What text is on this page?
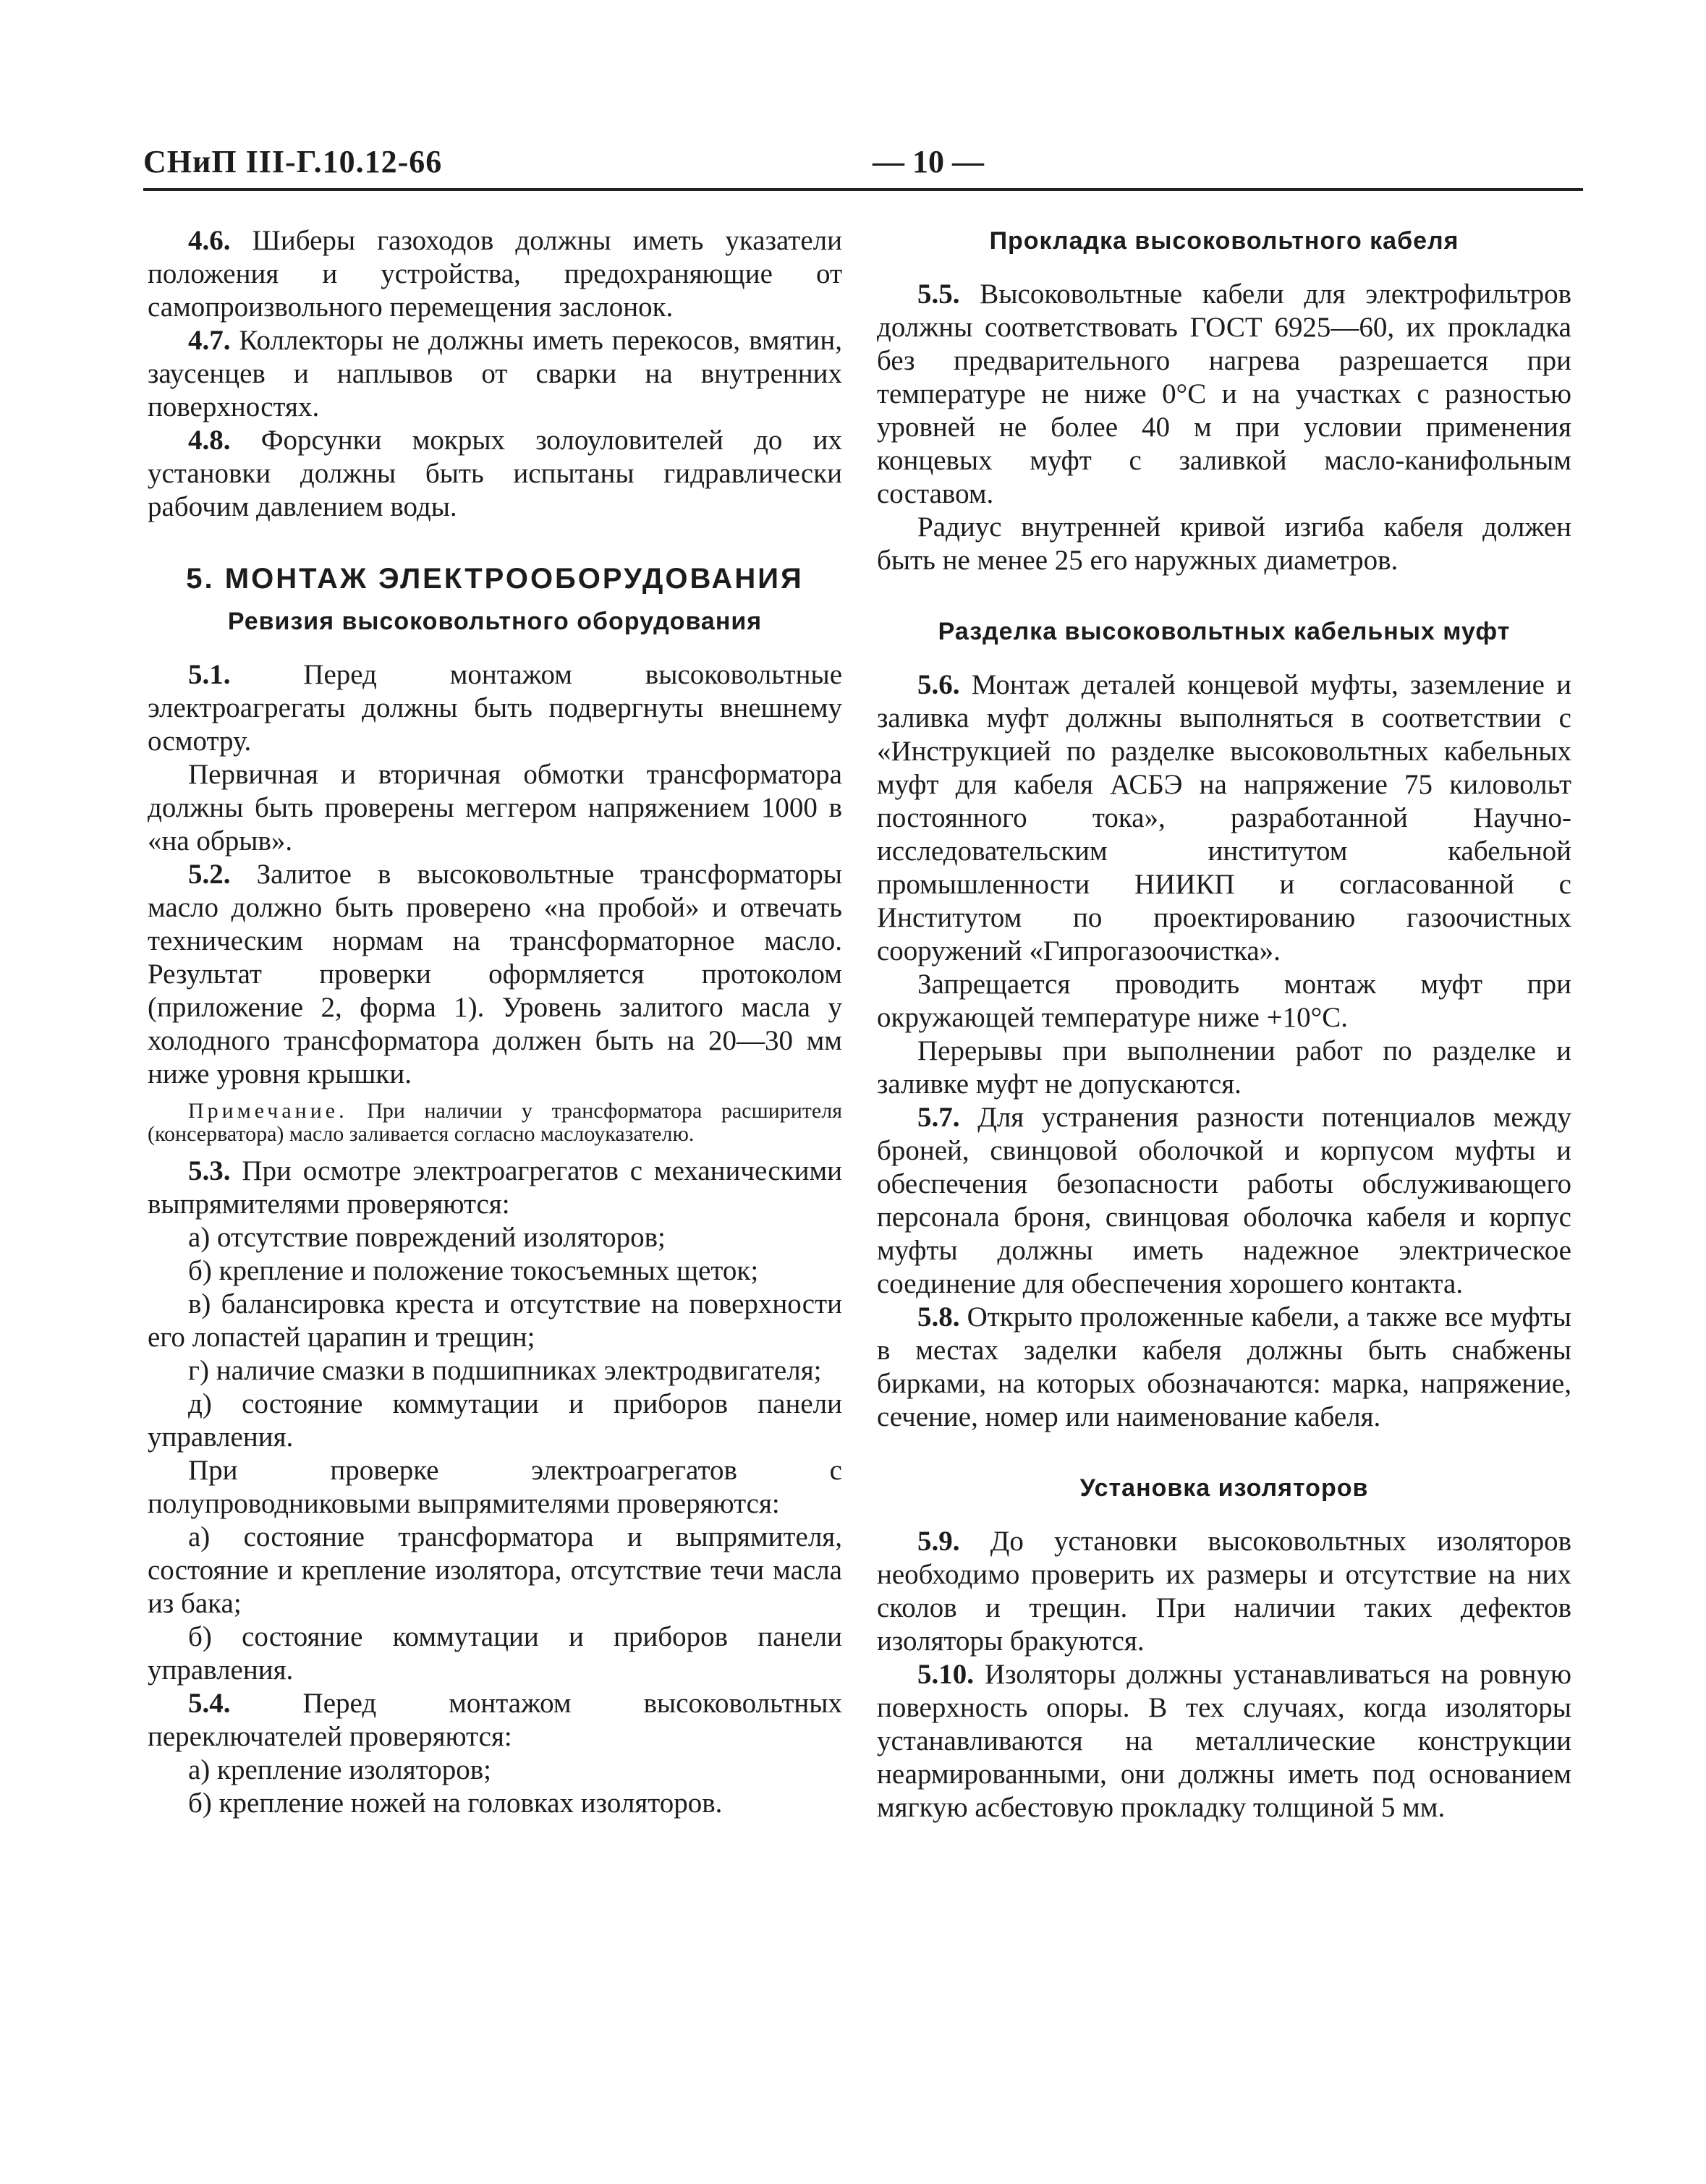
СНиП III-Г.10.12-66	— 10 —

4.6. Шиберы газоходов должны иметь указатели положения и устройства, предохраняющие от самопроизвольного перемещения заслонок.

4.7. Коллекторы не должны иметь перекосов, вмятин, заусенцев и наплывов от сварки на внутренних поверхностях.

4.8. Форсунки мокрых золоуловителей до их установки должны быть испытаны гидравлически рабочим давлением воды.

5. МОНТАЖ ЭЛЕКТРООБОРУДОВАНИЯ

Ревизия высоковольтного оборудования

5.1. Перед монтажом высоковольтные электроагрегаты должны быть подвергнуты внешнему осмотру.

Первичная и вторичная обмотки трансформатора должны быть проверены меггером напряжением 1000 в «на обрыв».

5.2. Залитое в высоковольтные трансформаторы масло должно быть проверено «на пробой» и отвечать техническим нормам на трансформаторное масло. Результат проверки оформляется протоколом (приложение 2, форма 1). Уровень залитого масла у холодного трансформатора должен быть на 20—30 мм ниже уровня крышки.

Примечание. При наличии у трансформатора расширителя (консерватора) масло заливается согласно маслоуказателю.

5.3. При осмотре электроагрегатов с механическими выпрямителями проверяются:

а) отсутствие повреждений изоляторов;

б) крепление и положение токосъемных щеток;

в) балансировка креста и отсутствие на поверхности его лопастей царапин и трещин;

г) наличие смазки в подшипниках электродвигателя;

д) состояние коммутации и приборов панели управления.

При проверке электроагрегатов с полупроводниковыми выпрямителями проверяются:

а) состояние трансформатора и выпрямителя, состояние и крепление изолятора, отсутствие течи масла из бака;

б) состояние коммутации и приборов панели управления.

5.4. Перед монтажом высоковольтных переключателей проверяются:

а) крепление изоляторов;

б) крепление ножей на головках изоляторов.

Прокладка высоковольтного кабеля

5.5. Высоковольтные кабели для электрофильтров должны соответствовать ГОСТ 6925—60, их прокладка без предварительного нагрева разрешается при температуре не ниже 0°С и на участках с разностью уровней не более 40 м при условии применения концевых муфт с заливкой масло-канифольным составом.

Радиус внутренней кривой изгиба кабеля должен быть не менее 25 его наружных диаметров.

Разделка высоковольтных кабельных муфт

5.6. Монтаж деталей концевой муфты, заземление и заливка муфт должны выполняться в соответствии с «Инструкцией по разделке высоковольтных кабельных муфт для кабеля АСБЭ на напряжение 75 киловольт постоянного тока», разработанной Научно-исследовательским институтом кабельной промышленности НИИКП и согласованной с Институтом по проектированию газоочистных сооружений «Гипрогазоочистка».

Запрещается проводить монтаж муфт при окружающей температуре ниже +10°С.

Перерывы при выполнении работ по разделке и заливке муфт не допускаются.

5.7. Для устранения разности потенциалов между броней, свинцовой оболочкой и корпусом муфты и обеспечения безопасности работы обслуживающего персонала броня, свинцовая оболочка кабеля и корпус муфты должны иметь надежное электрическое соединение для обеспечения хорошего контакта.

5.8. Открыто проложенные кабели, а также все муфты в местах заделки кабеля должны быть снабжены бирками, на которых обозначаются: марка, напряжение, сечение, номер или наименование кабеля.

Установка изоляторов

5.9. До установки высоковольтных изоляторов необходимо проверить их размеры и отсутствие на них сколов и трещин. При наличии таких дефектов изоляторы бракуются.

5.10. Изоляторы должны устанавливаться на ровную поверхность опоры. В тех случаях, когда изоляторы устанавливаются на металлические конструкции неармированными, они должны иметь под основанием мягкую асбестовую прокладку толщиной 5 мм.
